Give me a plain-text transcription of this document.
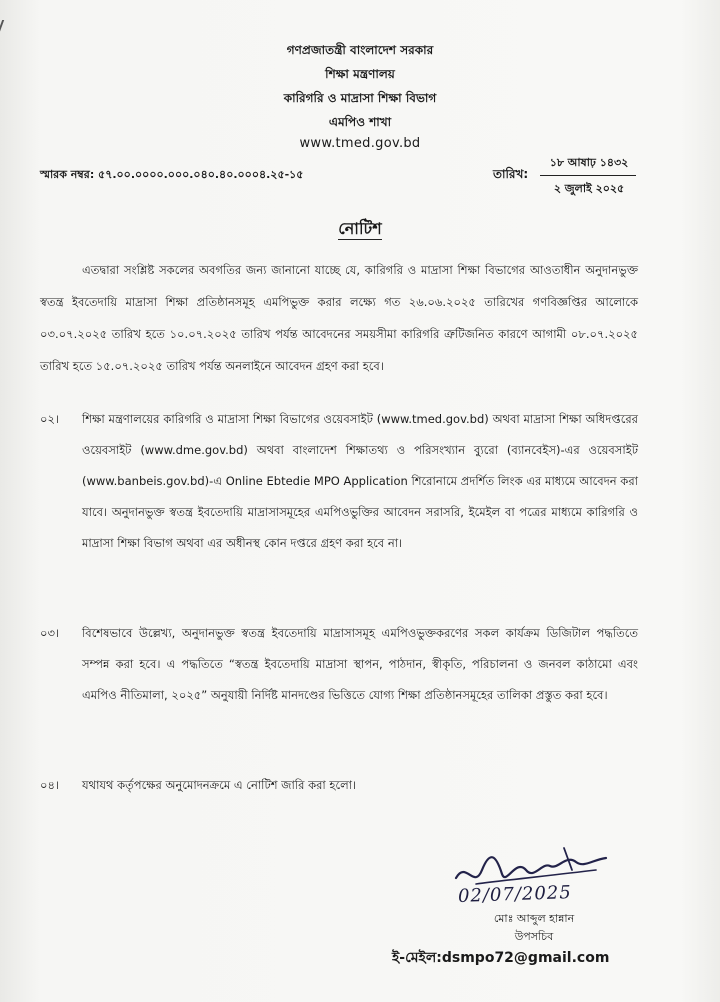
গণপ্রজাতন্ত্রী বাংলাদেশ সরকার
শিক্ষা মন্ত্রণালয়
কারিগরি ও মাদ্রাসা শিক্ষা বিভাগ
এমপিও শাখা
www.tmed.gov.bd
স্মারক নম্বর: ৫৭.০০.০০০০.০০০.০৪০.৪০.০০০৪.২৫-১৫	তারিখ:
১৮ আষাঢ় ১৪৩২
২ জুলাই ২০২৫
নোটিশ
এতদ্বারা সংশ্লিষ্ট সকলের অবগতির জন্য জানানো যাচ্ছে যে, কারিগরি ও মাদ্রাসা শিক্ষা বিভাগের আওতাধীন অনুদানভুক্ত স্বতন্ত্র ইবতেদায়ি মাদ্রাসা শিক্ষা প্রতিষ্ঠানসমূহ এমপিভুক্ত করার লক্ষ্যে গত ২৬.০৬.২০২৫ তারিখের গণবিজ্ঞপ্তির আলোকে ০৩.০৭.২০২৫ তারিখ হতে ১০.০৭.২০২৫ তারিখ পর্যন্ত আবেদনের সময়সীমা কারিগরি ত্রুটিজনিত কারণে আগামী ০৮.০৭.২০২৫ তারিখ হতে ১৫.০৭.২০২৫ তারিখ পর্যন্ত অনলাইনে আবেদন গ্রহণ করা হবে।
০২।	শিক্ষা মন্ত্রণালয়ের কারিগরি ও মাদ্রাসা শিক্ষা বিভাগের ওয়েবসাইট (www.tmed.gov.bd) অথবা মাদ্রাসা শিক্ষা অধিদপ্তরের ওয়েবসাইট (www.dme.gov.bd) অথবা বাংলাদেশ শিক্ষাতথ্য ও পরিসংখ্যান ব্যুরো (ব্যানবেইস)-এর ওয়েবসাইট (www.banbeis.gov.bd)-এ Online Ebtedie MPO Application শিরোনামে প্রদর্শিত লিংক এর মাধ্যমে আবেদন করা যাবে। অনুদানভুক্ত স্বতন্ত্র ইবতেদায়ি মাদ্রাসাসমূহের এমপিওভুক্তির আবেদন সরাসরি, ইমেইল বা পত্রের মাধ্যমে কারিগরি ও মাদ্রাসা শিক্ষা বিভাগ অথবা এর অধীনস্থ কোন দপ্তরে গ্রহণ করা হবে না।
০৩।	বিশেষভাবে উল্লেখ্য, অনুদানভুক্ত স্বতন্ত্র ইবতেদায়ি মাদ্রাসাসমূহ এমপিওভুক্তকরণের সকল কার্যক্রম ডিজিটাল পদ্ধতিতে সম্পন্ন করা হবে। এ পদ্ধতিতে “স্বতন্ত্র ইবতেদায়ি মাদ্রাসা স্থাপন, পাঠদান, স্বীকৃতি, পরিচালনা ও জনবল কাঠামো এবং এমপিও নীতিমালা, ২০২৫” অনুযায়ী নির্দিষ্ট মানদণ্ডের ভিত্তিতে যোগ্য শিক্ষা প্রতিষ্ঠানসমূহের তালিকা প্রস্তুত করা হবে।
০৪।	যথাযথ কর্তৃপক্ষের অনুমোদনক্রমে এ নোটিশ জারি করা হলো।
02/07/2025
মোঃ আব্দুল হান্নান
উপসচিব
ই-মেইল:dsmpo72@gmail.com
